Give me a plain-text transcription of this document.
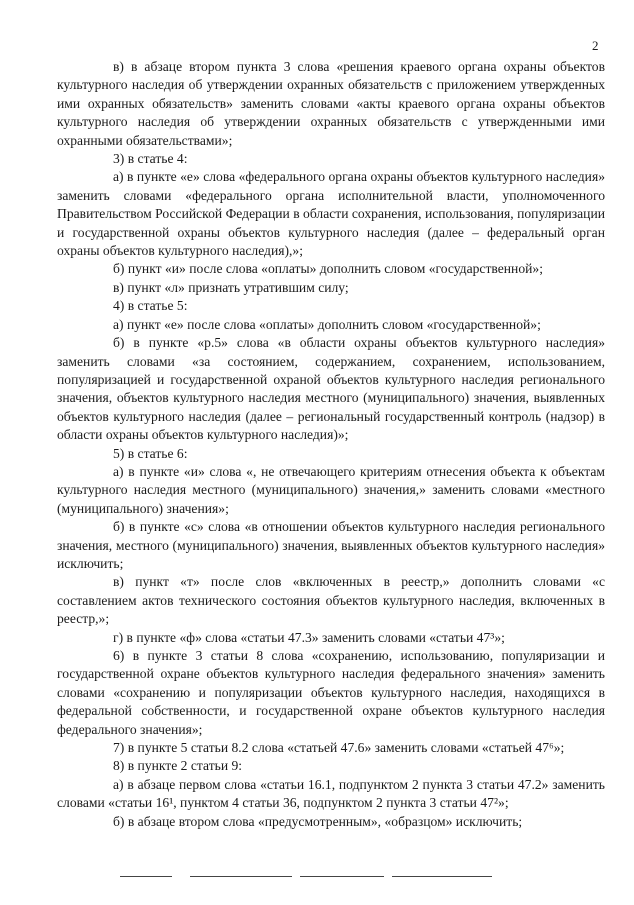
2

в) в абзаце втором пункта 3 слова «решения краевого органа охраны объектов культурного наследия об утверждении охранных обязательств с приложением утвержденных ими охранных обязательств» заменить словами «акты краевого органа охраны объектов культурного наследия об утверждении охранных обязательств с утвержденными ими охранными обязательствами»;

3) в статье 4:

а) в пункте «е» слова «федерального органа охраны объектов культурного наследия» заменить словами «федерального органа исполнительной власти, уполномоченного Правительством Российской Федерации в области сохранения, использования, популяризации и государственной охраны объектов культурного наследия (далее – федеральный орган охраны объектов культурного наследия),»;

б) пункт «и» после слова «оплаты» дополнить словом «государственной»;

в) пункт «л» признать утратившим силу;

4) в статье 5:

а) пункт «е» после слова «оплаты» дополнить словом «государственной»;

б) в пункте «р.5» слова «в области охраны объектов культурного наследия» заменить словами «за состоянием, содержанием, сохранением, использованием, популяризацией и государственной охраной объектов культурного наследия регионального значения, объектов культурного наследия местного (муниципального) значения, выявленных объектов культурного наследия (далее – региональный государственный контроль (надзор) в области охраны объектов культурного наследия)»;

5) в статье 6:

а) в пункте «и» слова «, не отвечающего критериям отнесения объекта к объектам культурного наследия местного (муниципального) значения,» заменить словами «местного (муниципального) значения»;

б) в пункте «с» слова «в отношении объектов культурного наследия регионального значения, местного (муниципального) значения, выявленных объектов культурного наследия» исключить;

в) пункт «т» после слов «включенных в реестр,» дополнить словами «с составлением актов технического состояния объектов культурного наследия, включенных в реестр,»;

г) в пункте «ф» слова «статьи 47.3» заменить словами «статьи 47³»;

6) в пункте 3 статьи 8 слова «сохранению, использованию, популяризации и государственной охране объектов культурного наследия федерального значения» заменить словами «сохранению и популяризации объектов культурного наследия, находящихся в федеральной собственности, и государственной охране объектов культурного наследия федерального значения»;

7) в пункте 5 статьи 8.2 слова «статьей 47.6» заменить словами «статьей 47⁶»;

8) в пункте 2 статьи 9:

а) в абзаце первом слова «статьи 16.1, подпунктом 2 пункта 3 статьи 47.2» заменить словами «статьи 16¹, пунктом 4 статьи 36, подпунктом 2 пункта 3 статьи 47²»;

б) в абзаце втором слова «предусмотренным», «образцом» исключить;
